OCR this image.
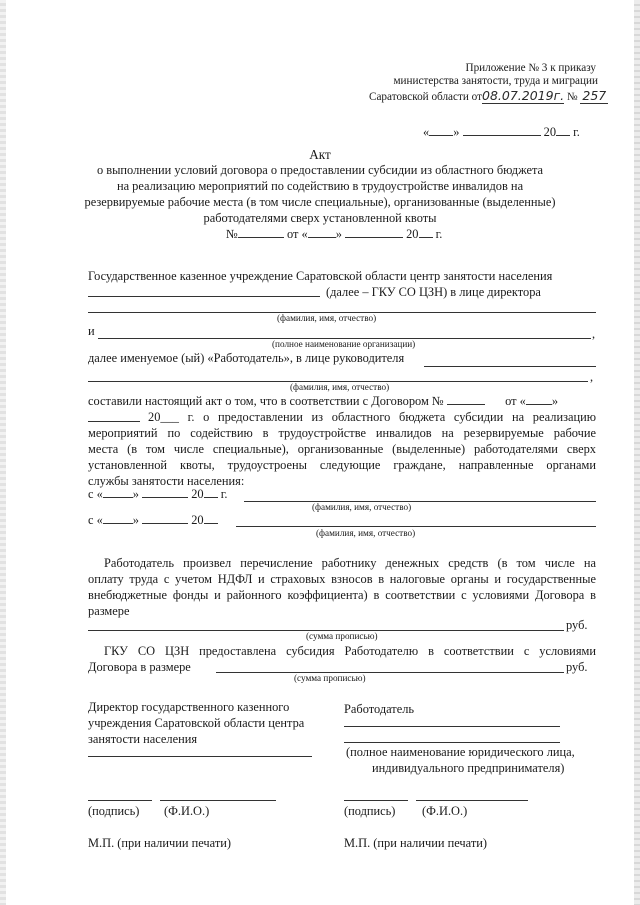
Приложение № 3 к приказу
министерства занятости, труда и миграции
Саратовской области от08.07.2019г. № 257
« »	20 г.
Акт
о выполнении условий договора о предоставлении субсидии из областного бюджета
на реализацию мероприятий по содействию в трудоустройстве инвалидов на
резервируемые рабочие места (в том числе специальные), организованные (выделенные)
работодателями сверх установленной квоты
№	от « »	20 г.
Государственное казенное учреждение Саратовской области центр занятости населения
(далее – ГКУ СО ЦЗН) в лице директора
(фамилия, имя, отчество)
и	,
(полное наименование организации)
далее именуемое (ый) «Работодатель», в лице руководителя
,
(фамилия, имя, отчество)
составили настоящий акт о том, что в соответствии с Договором №	от « »
20___ г. о предоставлении из областного бюджета субсидии на реализацию
мероприятий по содействию в трудоустройстве инвалидов на резервируемые рабочие
места (в том числе специальные), организованные (выделенные) работодателями сверх
установленной квоты, трудоустроены следующие граждане, направленные органами
службы занятости населения:
с « »	20 г.
(фамилия, имя, отчество)
с « »	20
(фамилия, имя, отчество)
Работодатель произвел перечисление работнику денежных средств (в том числе на
оплату труда с учетом НДФЛ и страховых взносов в налоговые органы и государственные
внебюджетные фонды и районного коэффициента) в соответствии с условиями Договора в
размере
руб.
(сумма прописью)
ГКУ СО ЦЗН предоставлена субсидия Работодателю в соответствии с условиями
Договора в размере	руб.
(сумма прописью)
Директор государственного казенного
учреждения Саратовской области центра
занятости населения
(подпись) (Ф.И.О.)
М.П. (при наличии печати)
Работодатель
(полное наименование юридического лица,
индивидуального предпринимателя)
(подпись) (Ф.И.О.)
М.П. (при наличии печати)
